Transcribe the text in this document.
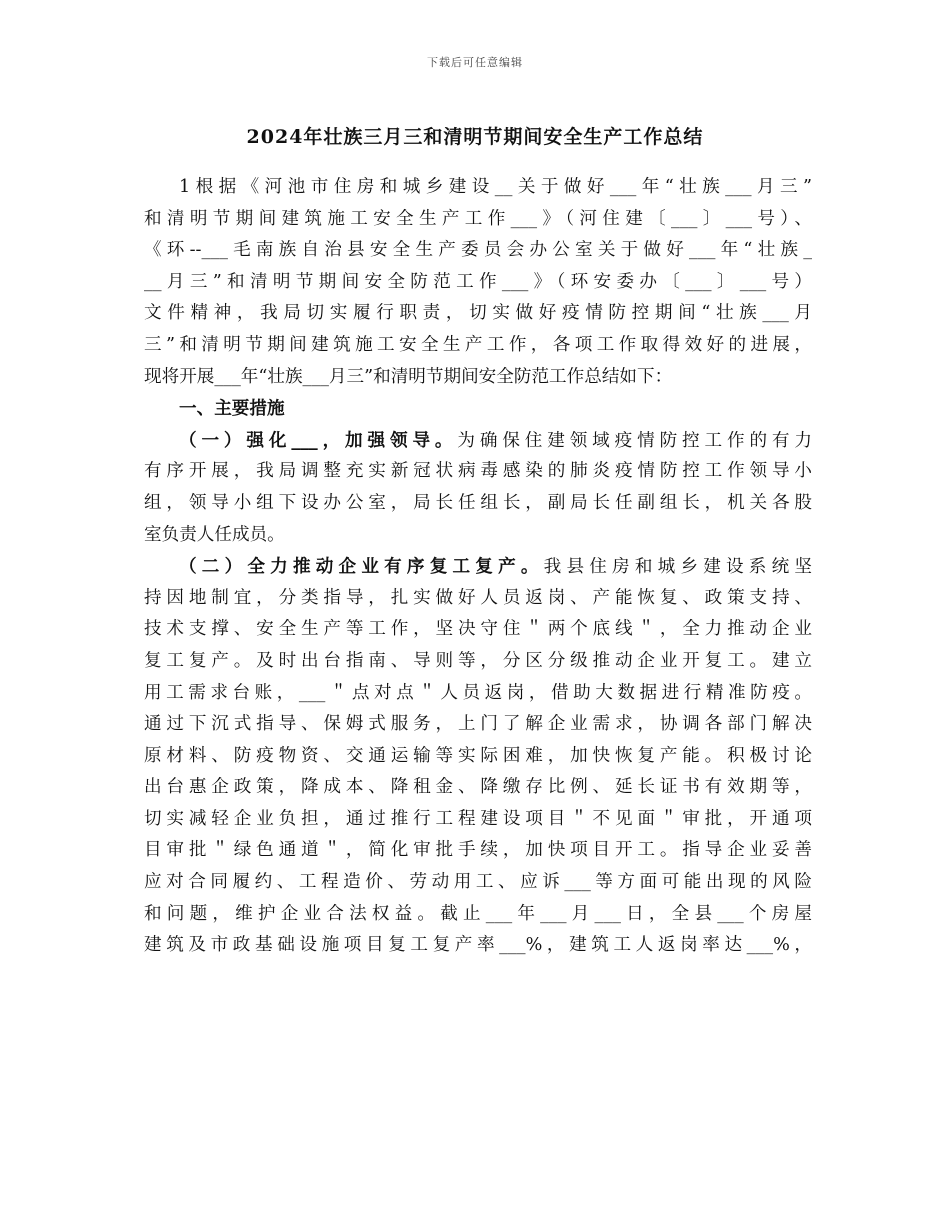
下载后可任意编辑
2024年壮族三月三和清明节期间安全生产工作总结
1根据《河池市住房和城乡建设__关于做好___年“壮族___月三”
和清明节期间建筑施工安全生产工作___》（河住建〔___〕___号）、
《环--___毛南族自治县安全生产委员会办公室关于做好___年“壮族_
__月三”和清明节期间安全防范工作___》（环安委办〔___〕___号）
文件精神，我局切实履行职责，切实做好疫情防控期间“壮族___月
三”和清明节期间建筑施工安全生产工作，各项工作取得效好的进展，
现将开展___年“壮族___月三”和清明节期间安全防范工作总结如下：
一、主要措施
（一）强化___，加强领导。为确保住建领域疫情防控工作的有力
有序开展，我局调整充实新冠状病毒感染的肺炎疫情防控工作领导小
组，领导小组下设办公室，局长任组长，副局长任副组长，机关各股
室负责人任成员。
（二）全力推动企业有序复工复产。我县住房和城乡建设系统坚
持因地制宜，分类指导，扎实做好人员返岗、产能恢复、政策支持、
技术支撑、安全生产等工作，坚决守住＂两个底线＂，全力推动企业
复工复产。及时出台指南、导则等，分区分级推动企业开复工。建立
用工需求台账，___＂点对点＂人员返岗，借助大数据进行精准防疫。
通过下沉式指导、保姆式服务，上门了解企业需求，协调各部门解决
原材料、防疫物资、交通运输等实际困难，加快恢复产能。积极讨论
出台惠企政策，降成本、降租金、降缴存比例、延长证书有效期等，
切实减轻企业负担，通过推行工程建设项目＂不见面＂审批，开通项
目审批＂绿色通道＂，简化审批手续，加快项目开工。指导企业妥善
应对合同履约、工程造价、劳动用工、应诉___等方面可能出现的风险
和问题，维护企业合法权益。截止___年___月___日，全县___个房屋
建筑及市政基础设施项目复工复产率___%，建筑工人返岗率达___%，
